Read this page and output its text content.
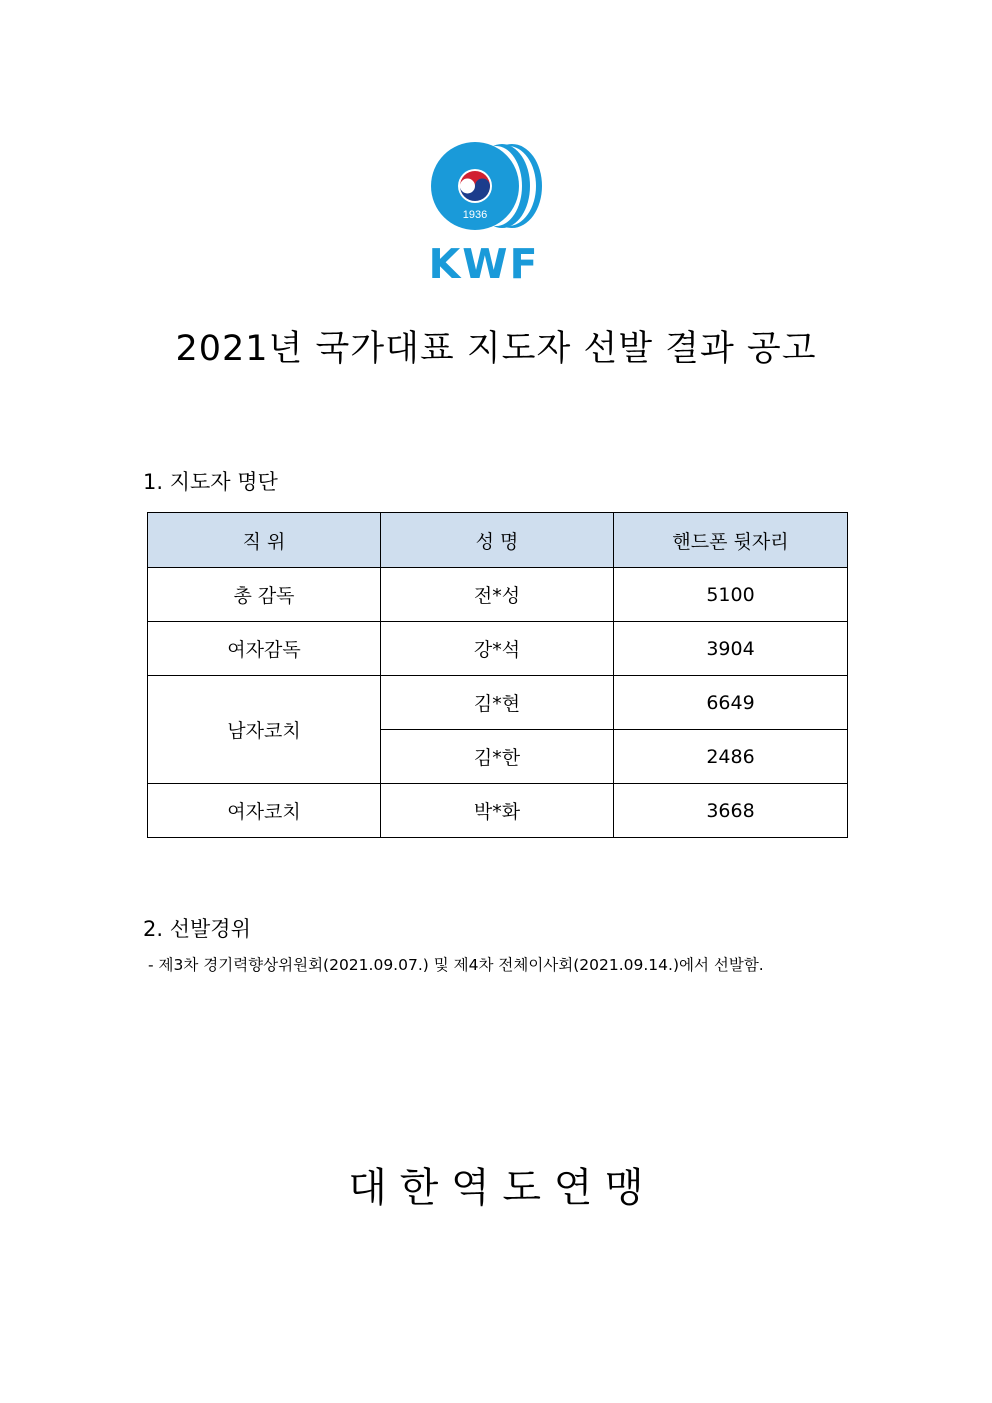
1936
KWF
2021년 국가대표 지도자 선발 결과 공고
1. 지도자 명단
직 위	성 명	핸드폰 뒷자리
총 감독	전*성	5100
여자감독	강*석	3904
남자코치	김*현	6649
	김*한	2486
여자코치	박*화	3668
2. 선발경위
- 제3차 경기력향상위원회(2021.09.07.) 및 제4차 전체이사회(2021.09.14.)에서 선발함.
대 한 역 도 연 맹
